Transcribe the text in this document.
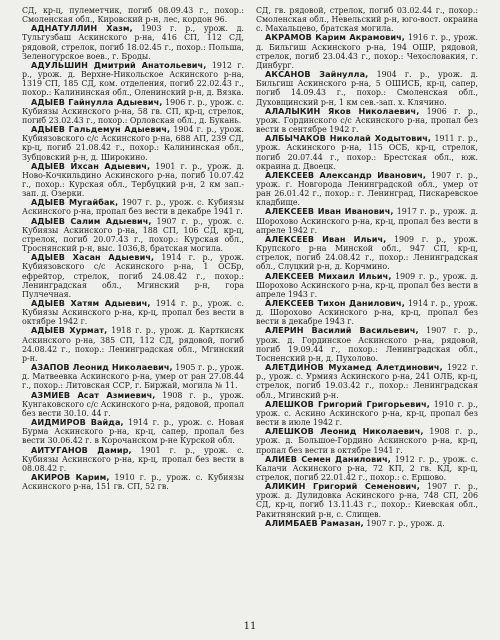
СД, кр-ц, пулеметчик, погиб 08.09.43 г., похор.: Смоленская обл., Кировский р-н, лес, кордон 96.

АДНАТУЛЛИН Хазм, 1903 г. р., урож. д. Тульгузбаш Аскинского р-на, 416 СП, 112 СД, рядовой, стрелок, погиб 18.02.45 г., похор.: Польша, Зеленогурское воев., г. Броды.

АДУЛЬШИН Дмитрий Анатольевич, 1912 г. р., урож. д. Верхне-Никольское Аскинского р-на, 1319 СП, 185 СД, ком. отделения, погиб 22.02.43 г., похор.: Калининская обл., Оленинский р-н, д. Вязка.

АДЫЕВ Гайнулла Адыевич, 1906 г. р., урож. с. Кубиязы Аскинского р-на, 58 гв. СП, кр-ц, стрелок, погиб 23.02.43 г., похор.: Орловская обл., д. Букань.

АДЫЕВ Гальдемун Адыевич, 1904 г. р., урож. Кубиязовского с/с Аскинского р-на, 688 АП, 239 СД, кр-ц, погиб 21.08.42 г., похор.: Калининская обл., Зубцовский р-н, д. Широкино.

АДЫЕВ Ихсан Адыевич, 1901 г. р., урож. д. Ново-Кочкильдино Аскинского р-на, погиб 10.07.42 г., похор.: Курская обл., Тербуцкий р-н, 2 км зап.-зап. д. Озерки.

АДЫЕВ Мугайбак, 1907 г. р., урож. с. Кубиязы Аскинского р-на, пропал без вести в декабре 1941 г.

АДЫЕВ Салим Адыевич, 1907 г. р., урож. с. Кубиязы Аскинского р-на, 188 СП, 106 СД, кр-ц, стрелок, погиб 20.07.43 г., похор.: Курская обл., Троснянский р-н, выс. 1036,8, братская могила.

АДЫЕВ Хасан Адыевич, 1914 г. р., урож. Кубиязовского с/с Аскинского р-на, 1 ОСБр, ефрейтор, стрелок, погиб 24.08.42 г., похор.: Ленинградская обл., Мгинский р-н, гора Пулчечная.

АДЫЕВ Хатям Адыевич, 1914 г. р., урож. с. Кубиязы Аскинского р-на, кр-ц, пропал без вести в октябре 1942 г.

АДЫЕВ Хурмат, 1918 г. р., урож. д. Карткисяк Аскинского р-на, 385 СП, 112 СД, рядовой, погиб 24.08.42 г., похор.: Ленинградская обл., Мгинский р-н.

АЗАПОВ Леонид Николаевич, 1905 г. р., урож. д. Матвеевка Аскинского р-на, умер от ран 27.08.44 г., похор.: Литовская ССР, г. Биржай, могила № 11.

АЗМИЕВ Асат Азмиевич, 1908 г. р., урож. Кунгаковского с/с Аскинского р-на, рядовой, пропал без вести 30.10. 44 г.

АИДМИРОВ Вайда, 1914 г. р., урож. с. Новая Бурма Аскинского р-на, кр-ц, сапер, пропал без вести 30.06.42 г. в Корочанском р-не Курской обл.

АИТУГАНОВ Дамир, 1901 г. р., урож. с. Кубиязы Аскинского р-на, кр-ц, пропал без вести в 08.08.42 г.

АКИРОВ Карим, 1910 г. р., урож. с. Кубиязы Аскинского р-на, 151 гв. СП, 52 гв.

СД, гв. рядовой, стрелок, погиб 03.02.44 г., похор.: Смоленская обл., Невельский р-н, юго-вост. окраина с. Махальцево, братская могила.

АКРАМОВ Карим Акрамович, 1916 г. р., урож. д. Бильгиш Аскинского р-на, 194 ОШР, рядовой, стрелок, погиб 23.04.43 г., похор.: Чехословакия, г. Динбург.

АКСАНОВ Зайнулла, 1904 г. р., урож. д. Бильгиш Аскинского р-на, 5 ОШИСБ, кр-ц, сапер, погиб 14.09.43 г., похор.: Смоленская обл., Духовщинский р-н, 1 км сев.-зап. х. Клячино.

АЛАЛЫКИН Яков Николаевич, 1906 г. р., урож. Гординского с/с Аскинского р-на, пропал без вести в сентябре 1942 г.

АЛБЫЧАКОВ Николай Ходытович, 1911 г. р., урож. Аскинского р-на, 115 ОСБ, кр-ц, стрелок, погиб 20.07.44 г., похор.: Брестская обл., юж. окраина д. Двоецк.

АЛЕКСЕЕВ Александр Иванович, 1907 г. р., урож. г. Новгорода Ленинградской обл., умер от ран 26.01.42 г., похор.: г. Ленинград, Пискаревское кладбище.

АЛЕКСЕЕВ Иван Иванович, 1917 г. р., урож. д. Шорохово Аскинского р-на, кр-ц, пропал без вести в апреле 1942 г.

АЛЕКСЕЕВ Иван Ильич, 1909 г. р., урож. Крупского р-на Минской обл., 947 СП, кр-ц, стрелок, погиб 24.08.42 г., похор.: Ленинградская обл., Слуцкий р-н, д. Корчмино.

АЛЕКСЕЕВ Михаил Ильич, 1909 г. р., урож. д. Шорохово Аскинского р-на, кр-ц, пропал без вести в апреле 1943 г.

АЛЕКСЕЕВ Тихон Данилович, 1914 г. р., урож. д. Шорохово Аскинского р-на, кр-ц, пропал без вести в декабре 1943 г.

АЛЕРИН Василий Васильевич, 1907 г. р., урож. д. Гординское Аскинского р-на, рядовой, погиб 19.09.44 г., похор.: Ленинградская обл., Тосненский р-н, д. Пухолово.

АЛЕТДИНОВ Мухамед Алетдинович, 1922 г. р., урож. с. Урмияз Аскинского р-на, 241 ОЛБ, кр-ц, стрелок, погиб 19.03.42 г., похор.: Ленинградская обл., Мгинский р-н.

АЛЕШКОВ Григорий Григорьевич, 1910 г. р., урож. с. Аскино Аскинского р-на, кр-ц, пропал без вести в июле 1942 г.

АЛЕШКОВ Леонид Николаевич, 1908 г. р., урож. д. Большое-Гордино Аскинского р-на, кр-ц, пропал без вести в октябре 1941 г.

АЛИЕВ Семен Данилович, 1912 г. р., урож. с. Калачи Аскинского р-на, 72 КП, 2 гв. КД, кр-ц, стрелок, погиб 22.01.42 г., похор.: с. Ершово.

АЛИКИН Григорий Семенович, 1907 г. р., урож. д. Дулидовка Аскинского р-на, 748 СП, 206 СД, кр-ц, погиб 13.11.43 г., похор.: Киевская обл., Ракитнянский р-н, с. Слищев.

АЛИМБАЕВ Рамазан, 1907 г. р., урож. д.

11
